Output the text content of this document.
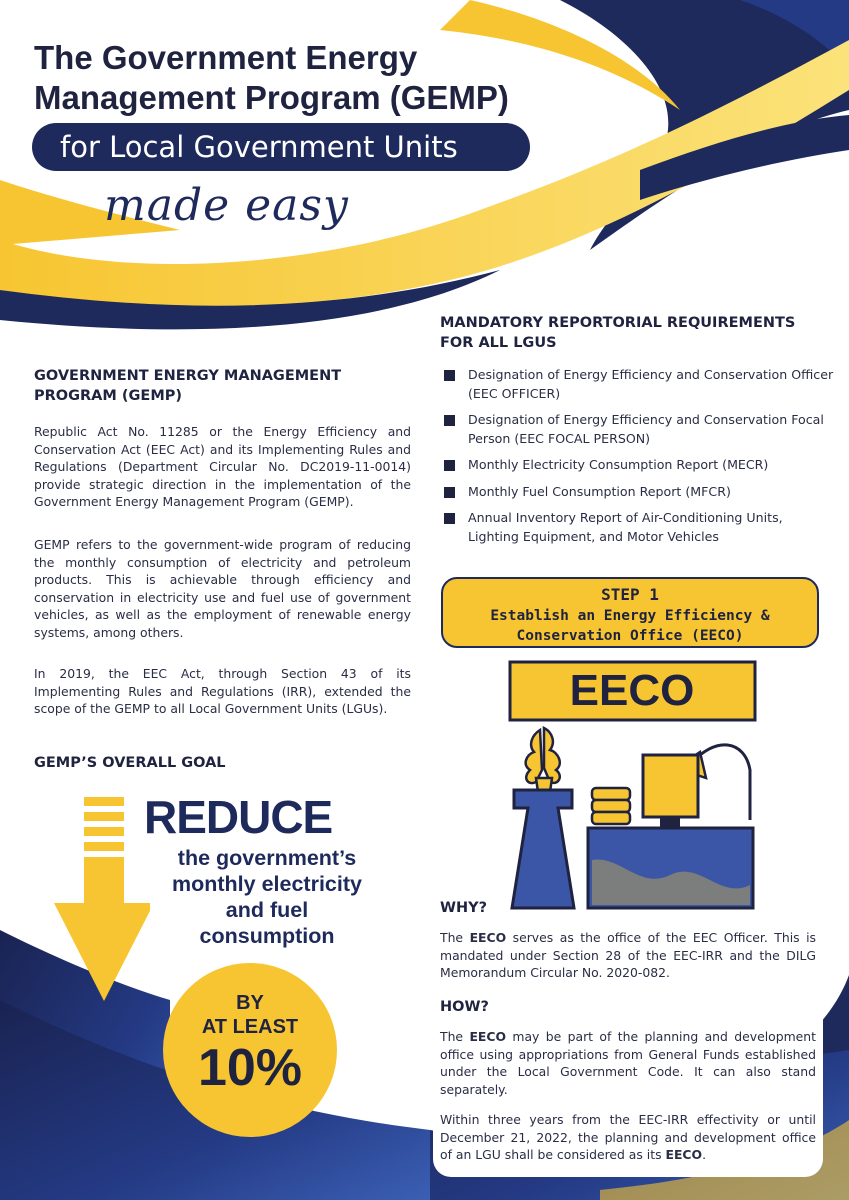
The Government Energy
Management Program (GEMP)
for Local Government Units
made easy
GOVERNMENT ENERGY MANAGEMENT
PROGRAM (GEMP)

Republic Act No. 11285 or the Energy Efficiency and Conservation Act (EEC Act) and its Implementing Rules and Regulations (Department Circular No. DC2019-11-0014) provide strategic direction in the implementation of the Government Energy Management Program (GEMP).

GEMP refers to the government-wide program of reducing the monthly consumption of electricity and petroleum products. This is achievable through efficiency and conservation in electricity use and fuel use of government vehicles, as well as the employment of renewable energy systems, among others.

In 2019, the EEC Act, through Section 43 of its Implementing Rules and Regulations (IRR), extended the scope of the GEMP to all Local Government Units (LGUs).

GEMP’S OVERALL GOAL
REDUCE
the government’s
monthly electricity
and fuel
consumption
BY
AT LEAST
10%
MANDATORY REPORTORIAL REQUIREMENTS
FOR ALL LGUS
Designation of Energy Efficiency and Conservation Officer
(EEC OFFICER)
Designation of Energy Efficiency and Conservation Focal
Person (EEC FOCAL PERSON)
Monthly Electricity Consumption Report (MECR)
Monthly Fuel Consumption Report (MFCR)
Annual Inventory Report of Air-Conditioning Units,
Lighting Equipment, and Motor Vehicles
STEP 1
Establish an Energy Efficiency &
Conservation Office (EECO)
EECO
WHY?

The EECO serves as the office of the EEC Officer. This is mandated under Section 28 of the EEC-IRR and the DILG Memorandum Circular No. 2020-082.

HOW?

The EECO may be part of the planning and development office using appropriations from General Funds established under the Local Government Code. It can also stand separately.

Within three years from the EEC-IRR effectivity or until December 21, 2022, the planning and development office of an LGU shall be considered as its EECO.
